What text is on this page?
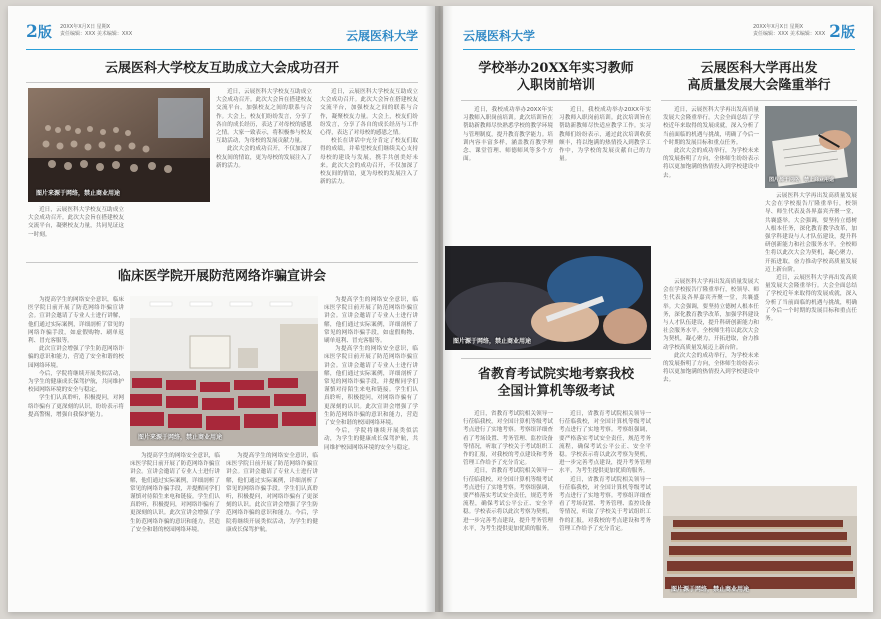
2版 20XX年X月X日 星期X
责任编辑：XXX 美术编辑：XXX	云展医科大学
云展医科大学校友互助成立大会成功召开
图片来源于网络，禁止商业用途

近日，云展医科大学校友互助成立大会成功召开。此次大会旨在搭建校友交流平台，凝聚校友力量，共同见证这一时刻。

近日，云展医科大学校友互助成立大会成功召开。此次大会旨在搭建校友交流平台，加强校友之间的联系与合作。大会上，校友们纷纷发言，分享了各自的成长经历，表达了对母校的感恩之情。大家一致表示，将积极参与校友互助活动，为母校的发展贡献力量。

此次大会的成功召开，不仅加深了校友间的情谊，更为母校的发展注入了新的活力。

近日，云展医科大学校友互助成立大会成功召开。此次大会旨在搭建校友交流平台，加强校友之间的联系与合作，凝聚校友力量。大会上，校友们纷纷发言，分享了各自的成长经历与工作心得，表达了对母校的感恩之情。

校长在讲话中充分肯定了校友们取得的成绩，并希望校友们继续关心支持母校的建设与发展，携手共创美好未来。此次大会的成功召开，不仅加深了校友间的情谊，更为母校的发展注入了新的活力。

临床医学院开展防范网络诈骗宣讲会

为提高学生的网络安全意识，临床医学院日前开展了防范网络诈骗宣讲会。宣讲会邀请了专业人士进行讲解，他们通过实际案例，详细剖析了常见的网络诈骗手段，如虚假购物、刷单返利、冒充客服等。

此次宣讲会增强了学生防范网络诈骗的意识和能力，营造了安全和谐的校园网络环境。

今后，学院将继续开展类似活动，为学生的健康成长保驾护航，共同维护校园网络环境的安全与稳定。

学生们认真聆听，积极提问，对网络诈骗有了更深刻的认识，纷纷表示将提高警惕，增强自我保护能力。

图片来源于网络，禁止商业用途

为提高学生的网络安全意识，临床医学院日前开展了防范网络诈骗宣讲会。宣讲会邀请了专业人士进行讲解，他们通过实际案例，详细剖析了常见的网络诈骗手段，并提醒同学们谨慎对待陌生来电和链接。学生们认真聆听，积极提问，对网络诈骗有了更深刻的认识。此次宣讲会增强了学生防范网络诈骗的意识和能力，营造了安全和谐的校园网络环境。

为提高学生的网络安全意识，临床医学院日前开展了防范网络诈骗宣讲会。宣讲会邀请了专业人士进行讲解，他们通过实际案例，详细剖析了常见的网络诈骗手段。学生们认真聆听，积极提问，对网络诈骗有了更深刻的认识。此次宣讲会增强了学生防范网络诈骗的意识和能力。今后，学院将继续开展类似活动，为学生的健康成长保驾护航。

为提高学生的网络安全意识，临床医学院日前开展了防范网络诈骗宣讲会。宣讲会邀请了专业人士进行讲解，他们通过实际案例，详细剖析了常见的网络诈骗手段，如虚假购物、刷单返利、冒充客服等。

为提高学生的网络安全意识，临床医学院日前开展了防范网络诈骗宣讲会。宣讲会邀请了专业人士进行讲解，他们通过实际案例，详细剖析了常见的网络诈骗手段，并提醒同学们谨慎对待陌生来电和链接。学生们认真聆听，积极提问，对网络诈骗有了更深刻的认识。此次宣讲会增强了学生防范网络诈骗的意识和能力，营造了安全和谐的校园网络环境。

今后，学院将继续开展类似活动，为学生的健康成长保驾护航，共同维护校园网络环境的安全与稳定。

云展医科大学
20XX年X月X日 星期X
责任编辑：XXX 美术编辑：XXX 2版
学校举办20XX年实习教师
入职岗前培训

近日，我校成功举办20XX年实习教师入职岗前培训。此次培训旨在帮助新教师尽快熟悉学校的教学环境与管理制度，提升教育教学能力。培训内容丰富多样，涵盖教育教学理念、课堂管理、师德师风等多个方面。

近日，我校成功举办20XX年实习教师入职岗前培训。此次培训旨在帮助新教师尽快适应教学工作。实习教师们纷纷表示，通过此次培训收获颇丰，将以饱满的热情投入到教学工作中，为学校的发展贡献自己的力量。

图片源于网络，禁止商业用途
省教育考试院实地考察我校
全国计算机等级考试

近日，省教育考试院相关领导一行莅临我校，对全国计算机等级考试考点进行了实地考察。考察组详细查看了考场设置、考务管理、监控设备等情况，听取了学校关于考试组织工作的汇报，对我校的考点建设和考务管理工作给予了充分肯定。

近日，省教育考试院相关领导一行莅临我校，对全国计算机等级考试考点进行了实地考察。考察组强调，要严格落实考试安全责任，规范考务流程，确保考试公平公正、安全平稳。学校表示将以此次考察为契机，进一步完善考点建设，提升考务管理水平，为考生提供更加优质的服务。

近日，省教育考试院相关领导一行莅临我校，对全国计算机等级考试考点进行了实地考察。考察组强调，要严格落实考试安全责任，规范考务流程，确保考试公平公正、安全平稳。学校表示将以此次考察为契机，进一步完善考点建设，提升考务管理水平，为考生提供更加优质的服务。

近日，省教育考试院相关领导一行莅临我校，对全国计算机等级考试考点进行了实地考察。考察组详细查看了考场设置、考务管理、监控设备等情况，听取了学校关于考试组织工作的汇报，对我校的考点建设和考务管理工作给予了充分肯定。

云展医科大学再出发
高质量发展大会隆重举行

近日，云展医科大学再出发高质量发展大会隆重举行。大会全面总结了学校近年来取得的发展成就，深入分析了当前面临的机遇与挑战，明确了今后一个时期的发展目标和重点任务。

此次大会的成功举行，为学校未来的发展指明了方向，全体师生纷纷表示将以更加饱满的热情投入到学校建设中去。

图片源于网络，禁止商业用途

云展医科大学再出发高质量发展大会在学校报告厅隆重举行，校领导、师生代表及各界嘉宾齐聚一堂，共襄盛举。大会强调，要坚持立德树人根本任务，深化教育教学改革，加强学科建设与人才队伍建设，提升科研创新能力和社会服务水平。全校师生将以此次大会为契机，凝心聚力，开拓进取，奋力推动学校高质量发展迈上新台阶。

近日，云展医科大学再出发高质量发展大会隆重举行。大会全面总结了学校近年来取得的发展成就，深入分析了当前面临的机遇与挑战，明确了今后一个时期的发展目标和重点任务。

云展医科大学再出发高质量发展大会在学校报告厅隆重举行，校领导、师生代表及各界嘉宾齐聚一堂，共襄盛举。大会强调，要坚持立德树人根本任务，深化教育教学改革，加强学科建设与人才队伍建设，提升科研创新能力和社会服务水平。全校师生将以此次大会为契机，凝心聚力，开拓进取，奋力推动学校高质量发展迈上新台阶。

此次大会的成功举行，为学校未来的发展指明了方向，全体师生纷纷表示将以更加饱满的热情投入到学校建设中去。

图片源于网络，禁止商业用途
